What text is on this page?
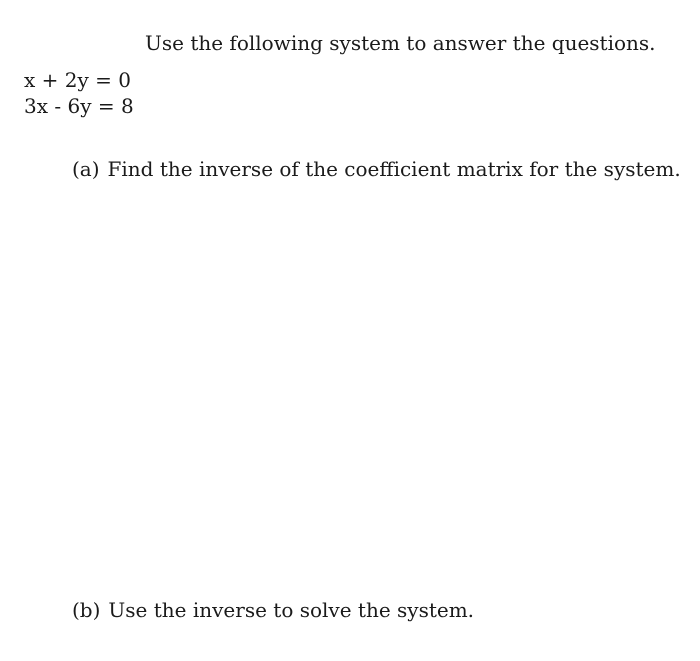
Use the following system to answer the questions.
x + 2y = 0
3x - 6y = 8
(a) Find the inverse of the coefficient matrix for the system.
(b) Use the inverse to solve the system.
